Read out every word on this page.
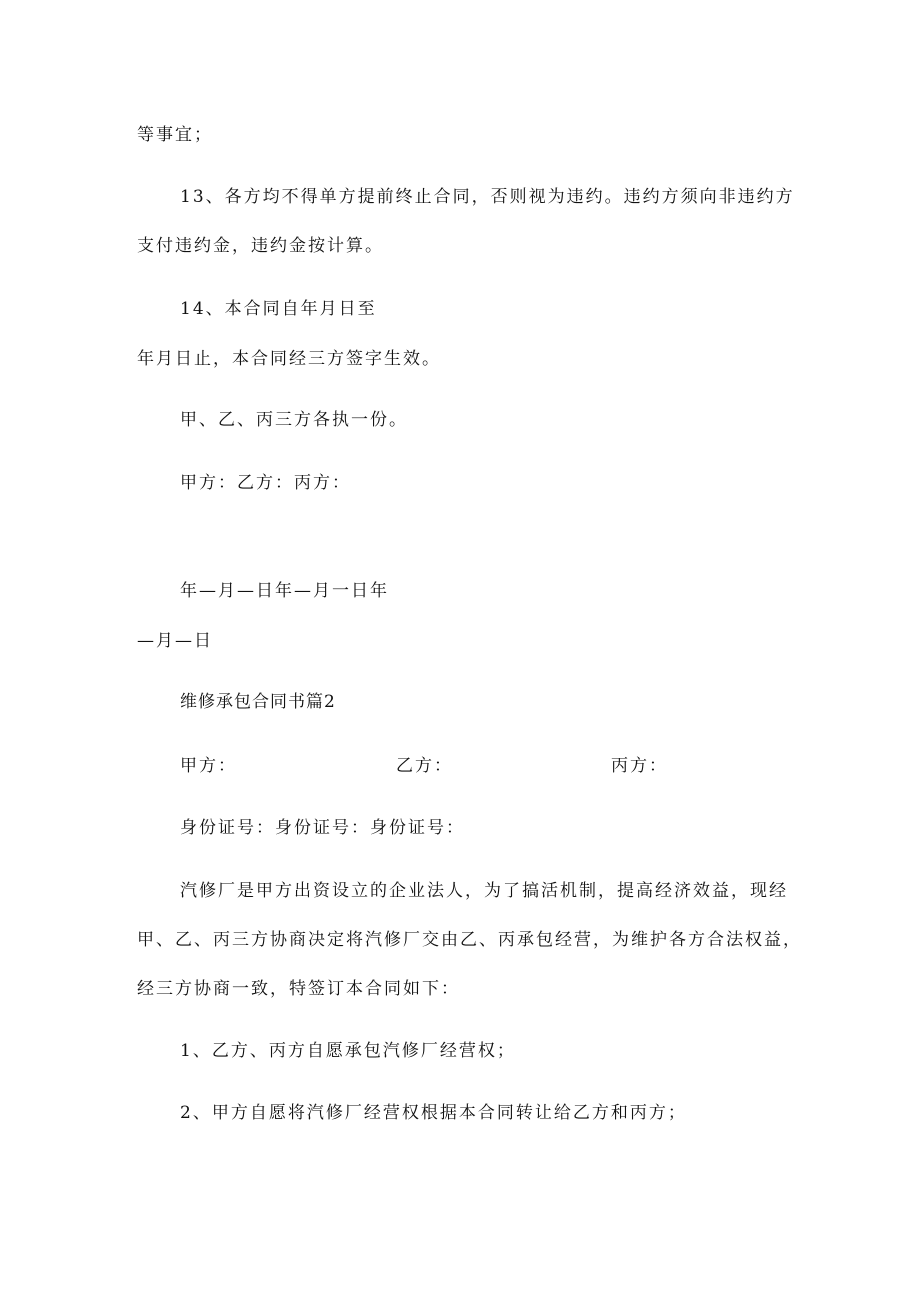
等事宜；
13、各方均不得单方提前终止合同，否则视为违约。违约方须向非违约方
支付违约金，违约金按计算。
14、本合同自年月日至
年月日止，本合同经三方签字生效。
甲、乙、丙三方各执一份。
甲方：乙方：丙方：
年—月—日年—月一日年
—月—日
维修承包合同书篇2
甲方：	乙方：	丙方：
身份证号：身份证号：身份证号：
汽修厂是甲方出资设立的企业法人，为了搞活机制，提高经济效益，现经
甲、乙、丙三方协商决定将汽修厂交由乙、丙承包经营，为维护各方合法权益，
经三方协商一致，特签订本合同如下：
1、乙方、丙方自愿承包汽修厂经营权；
2、甲方自愿将汽修厂经营权根据本合同转让给乙方和丙方；
